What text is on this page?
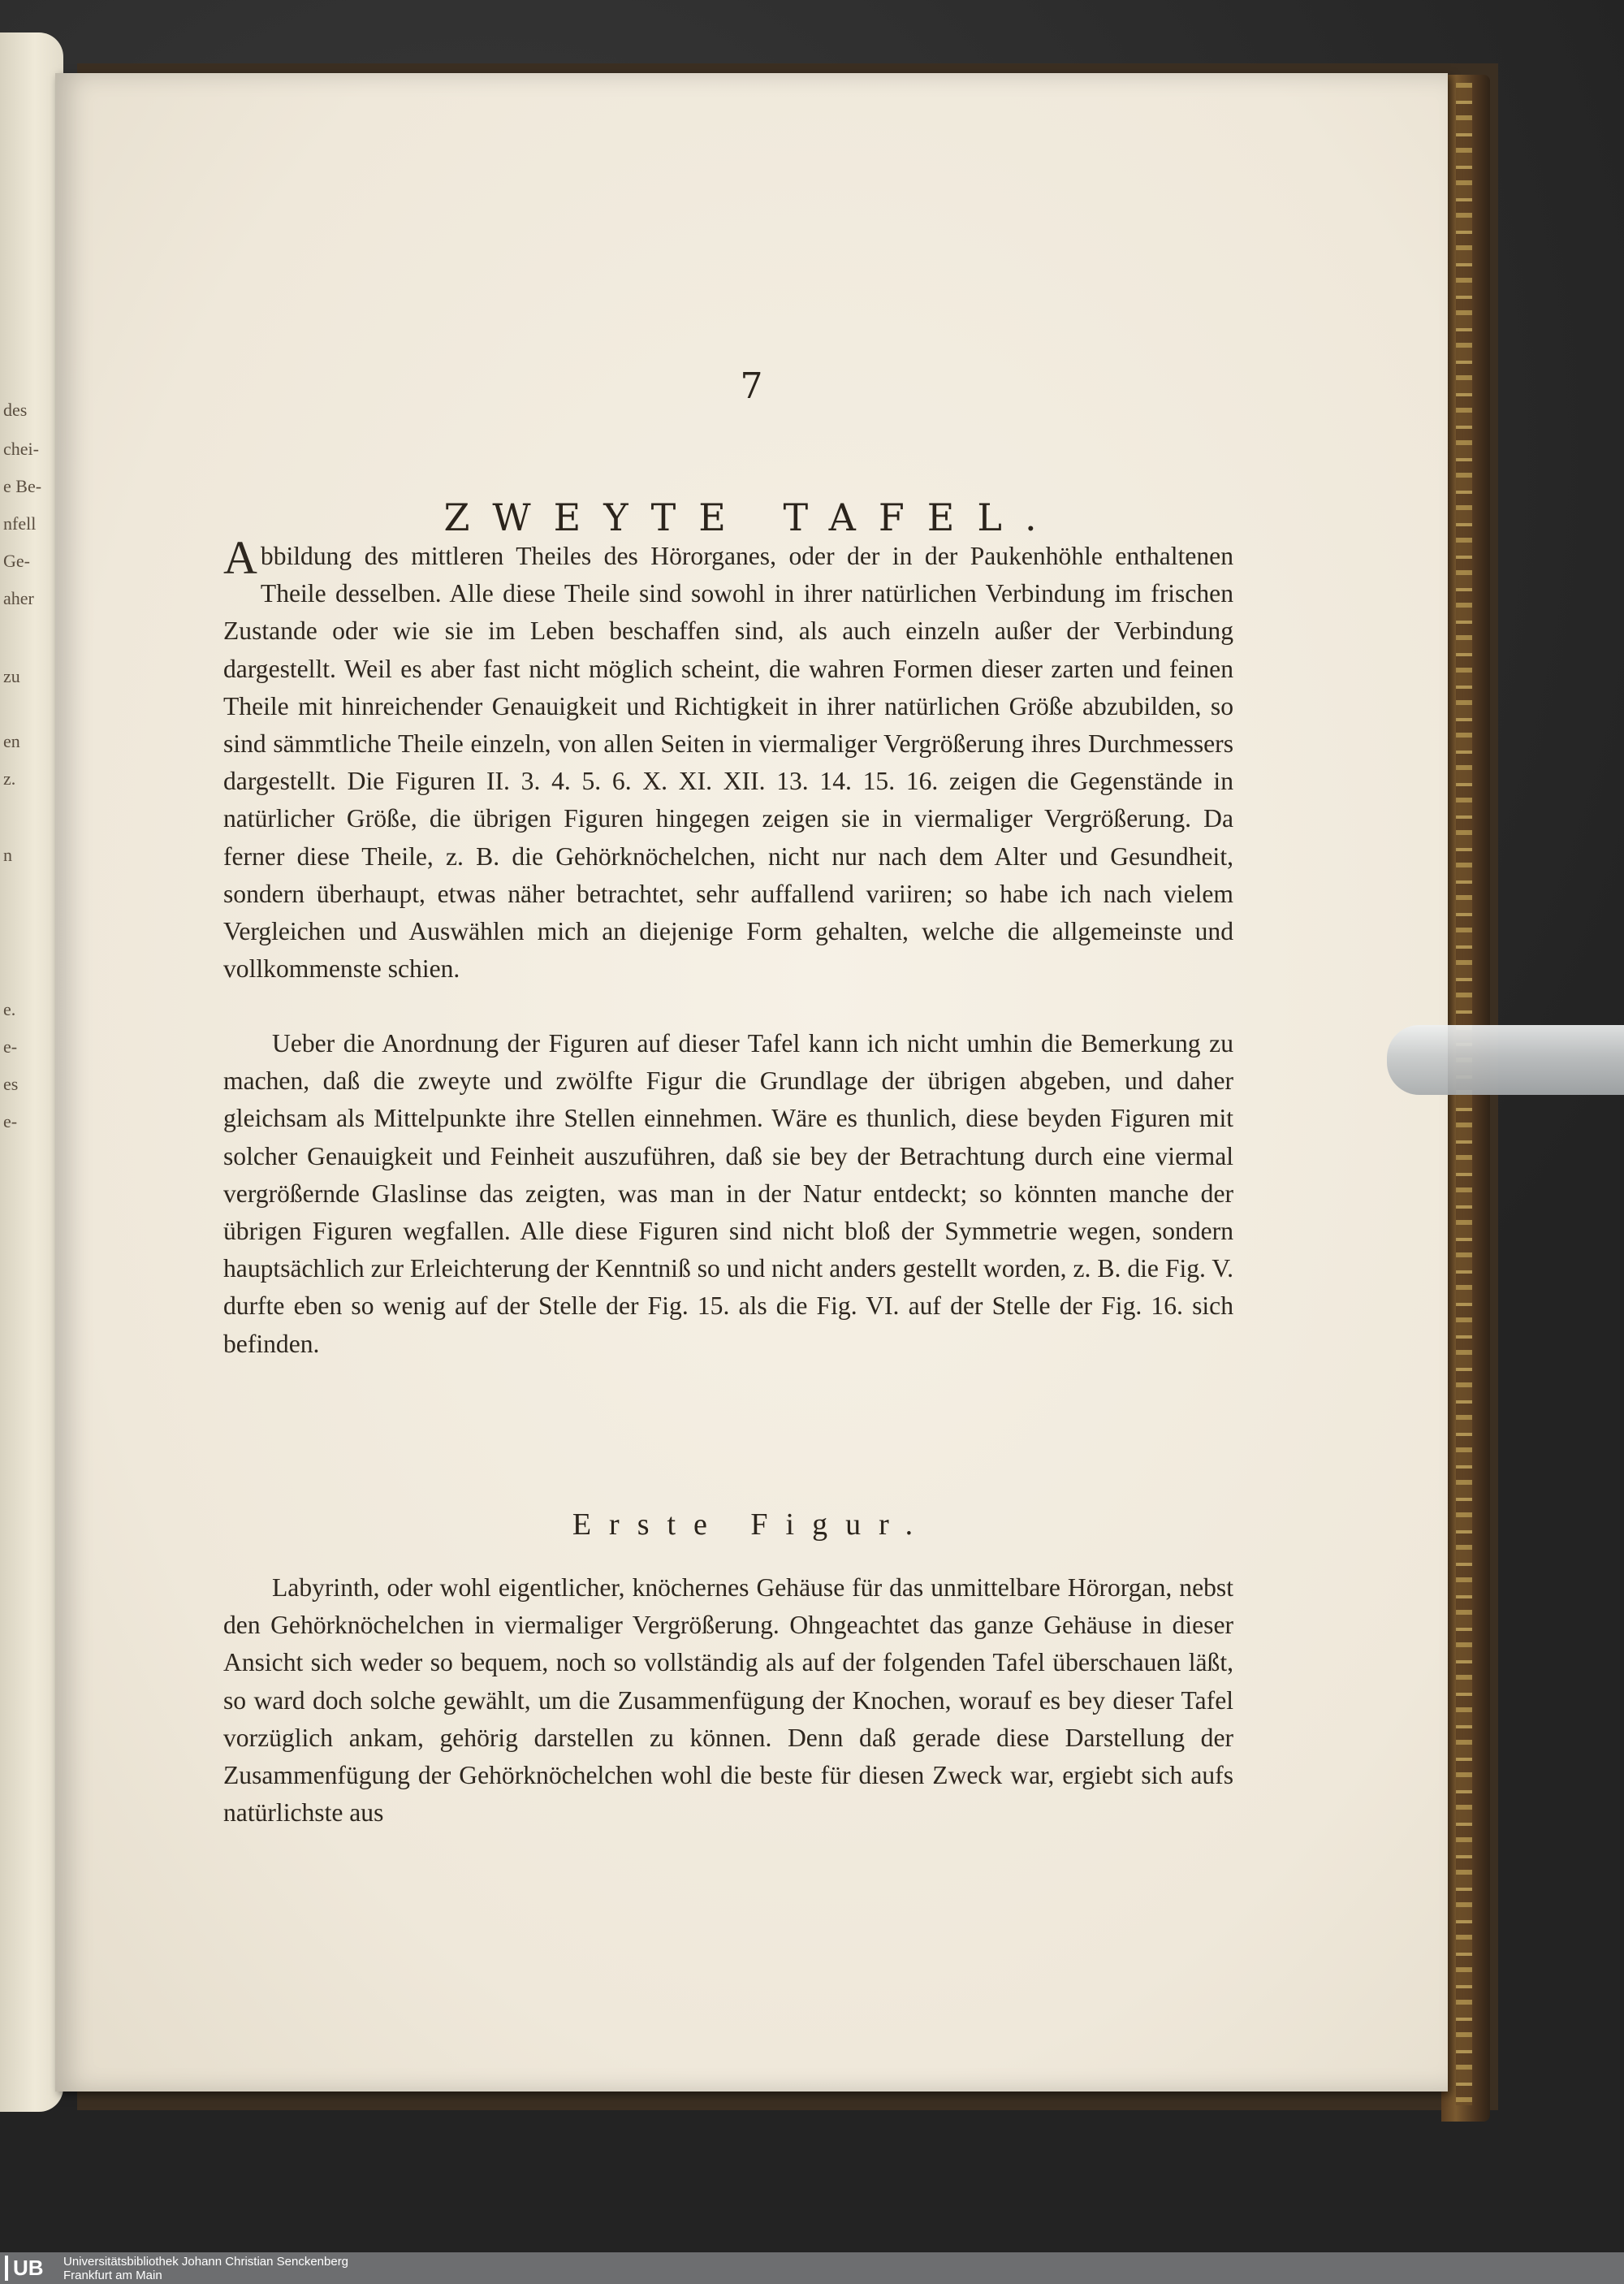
des
chei-
e Be-
nfell
Ge-
aher
zu
en
z.
n
e.
e-
es
e-
7
ZWEYTE TAFEL.
Abbildung des mittleren Theiles des Hörorganes, oder der in der Paukenhöhle enthaltenen Theile desselben. Alle diese Theile sind sowohl in ihrer natürlichen Verbindung im frischen Zustande oder wie sie im Leben beschaffen sind, als auch einzeln außer der Verbindung dargestellt. Weil es aber fast nicht möglich scheint, die wahren Formen dieser zarten und feinen Theile mit hinreichender Genauigkeit und Richtigkeit in ihrer natürlichen Größe abzubilden, so sind sämmtliche Theile einzeln, von allen Seiten in viermaliger Vergrößerung ihres Durchmessers dargestellt. Die Figuren II. 3. 4. 5. 6. X. XI. XII. 13. 14. 15. 16. zeigen die Gegenstände in natürlicher Größe, die übrigen Figuren hingegen zeigen sie in viermaliger Vergrößerung. Da ferner diese Theile, z. B. die Gehörknöchelchen, nicht nur nach dem Alter und Gesundheit, sondern überhaupt, etwas näher betrachtet, sehr auffallend variiren; so habe ich nach vielem Vergleichen und Auswählen mich an diejenige Form gehalten, welche die allgemeinste und vollkommenste schien.
Ueber die Anordnung der Figuren auf dieser Tafel kann ich nicht umhin die Bemerkung zu machen, daß die zweyte und zwölfte Figur die Grundlage der übrigen abgeben, und daher gleichsam als Mittelpunkte ihre Stellen einnehmen. Wäre es thunlich, diese beyden Figuren mit solcher Genauigkeit und Feinheit auszuführen, daß sie bey der Betrachtung durch eine viermal vergrößernde Glaslinse das zeigten, was man in der Natur entdeckt; so könnten manche der übrigen Figuren wegfallen. Alle diese Figuren sind nicht bloß der Symmetrie wegen, sondern hauptsächlich zur Erleichterung der Kenntniß so und nicht anders gestellt worden, z. B. die Fig. V. durfte eben so wenig auf der Stelle der Fig. 15. als die Fig. VI. auf der Stelle der Fig. 16. sich befinden.
Erste Figur.
Labyrinth, oder wohl eigentlicher, knöchernes Gehäuse für das unmittelbare Hörorgan, nebst den Gehörknöchelchen in viermaliger Vergrößerung. Ohngeachtet das ganze Gehäuse in dieser Ansicht sich weder so bequem, noch so vollständig als auf der folgenden Tafel überschauen läßt, so ward doch solche gewählt, um die Zusammenfügung der Knochen, worauf es bey dieser Tafel vorzüglich ankam, gehörig darstellen zu können. Denn daß gerade diese Darstellung der Zusammenfügung der Gehörknöchelchen wohl die beste für diesen Zweck war, ergiebt sich aufs natürlichste aus
UB	Universitätsbibliothek Johann Christian Senckenberg
Frankfurt am Main
